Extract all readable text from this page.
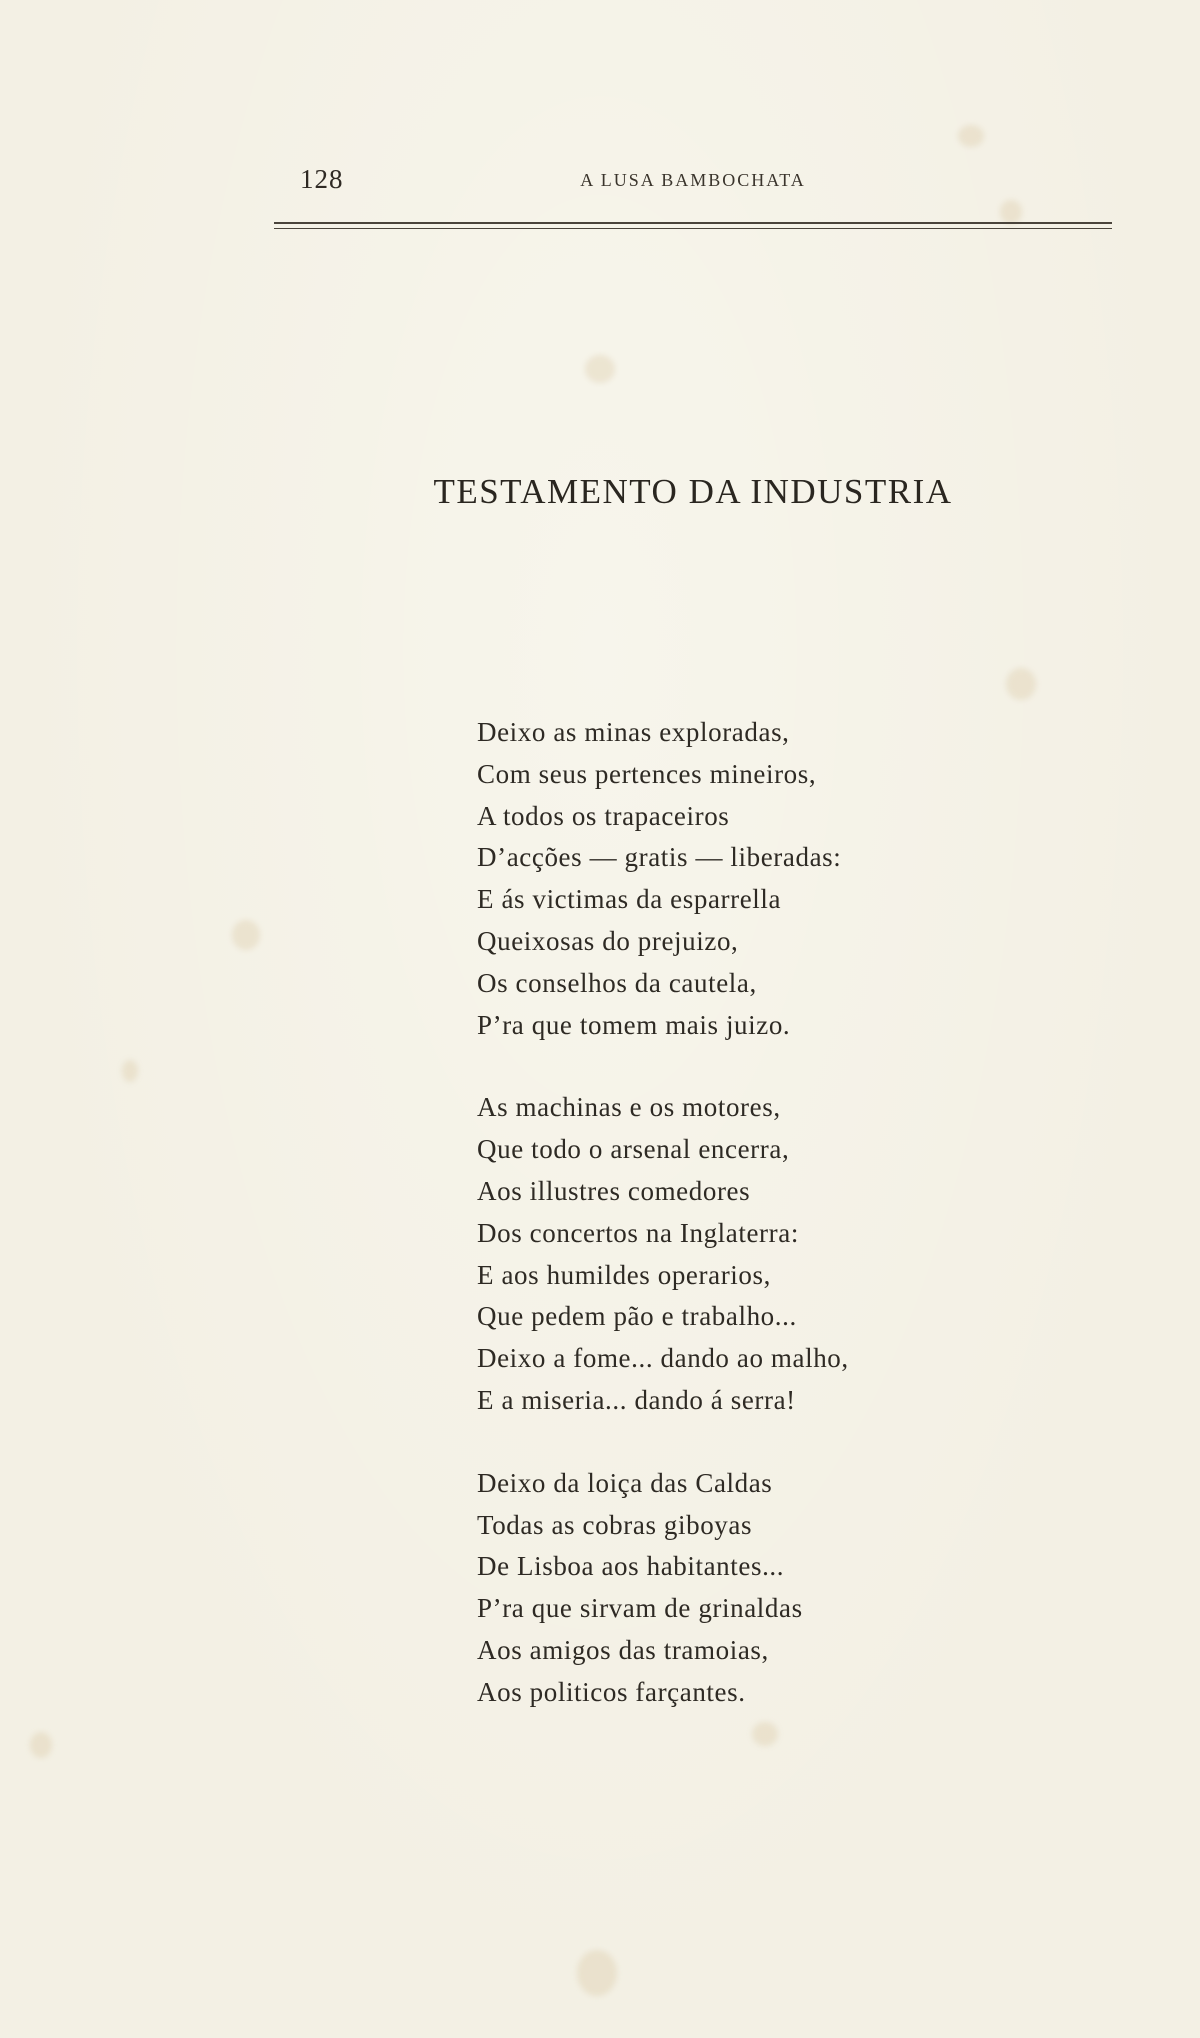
128	A LUSA BAMBOCHATA
TESTAMENTO DA INDUSTRIA
Deixo as minas exploradas,
Com seus pertences mineiros,
A todos os trapaceiros
D’acções — gratis — liberadas:
E ás victimas da esparrella
Queixosas do prejuizo,
Os conselhos da cautela,
P’ra que tomem mais juizo.
As machinas e os motores,
Que todo o arsenal encerra,
Aos illustres comedores
Dos concertos na Inglaterra:
E aos humildes operarios,
Que pedem pão e trabalho...
Deixo a fome... dando ao malho,
E a miseria... dando á serra!
Deixo da loiça das Caldas
Todas as cobras giboyas
De Lisboa aos habitantes...
P’ra que sirvam de grinaldas
Aos amigos das tramoias,
Aos politicos farçantes.
